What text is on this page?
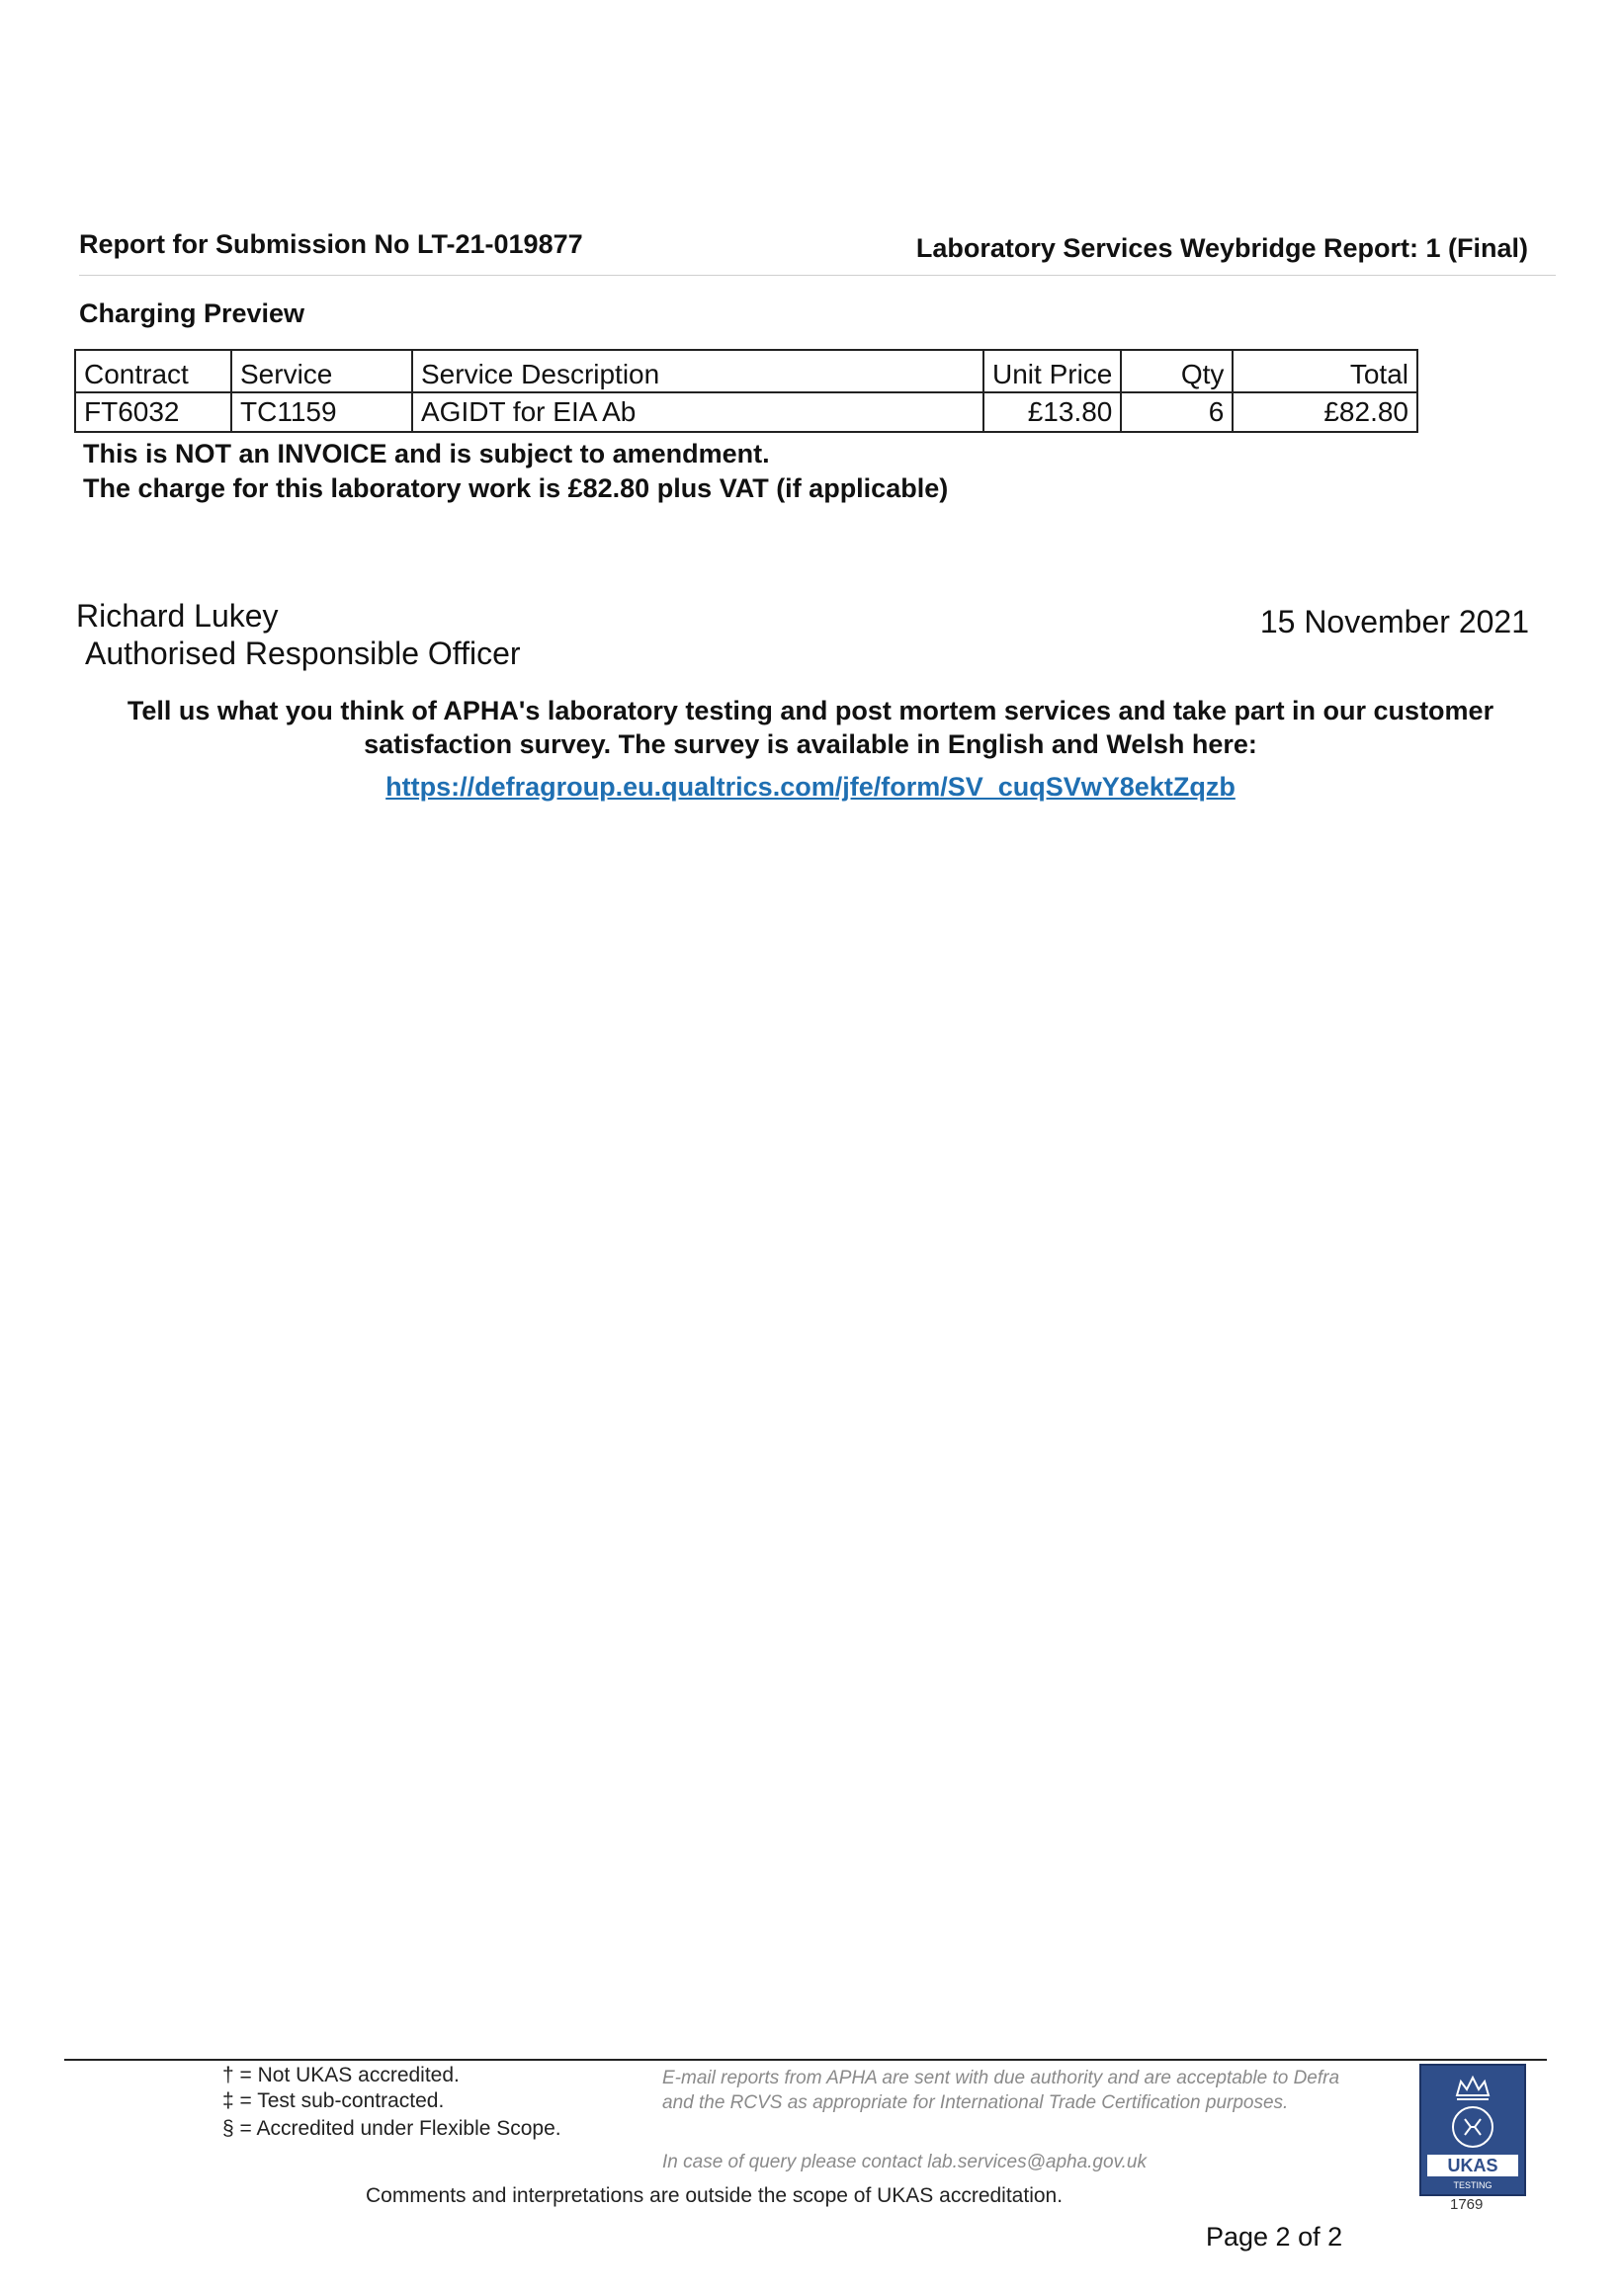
Report for Submission No LT-21-019877	Laboratory Services Weybridge Report: 1 (Final)
Charging Preview
Contract	Service	Service Description	Unit Price	Qty	Total
FT6032	TC1159	AGIDT for EIA Ab	£13.80	6	£82.80
This is NOT an INVOICE and is subject to amendment.
The charge for this laboratory work is £82.80 plus VAT (if applicable)
Richard Lukey
Authorised Responsible Officer
15 November 2021
Tell us what you think of APHA's laboratory testing and post mortem services and take part in our customer satisfaction survey. The survey is available in English and Welsh here:
https://defragroup.eu.qualtrics.com/jfe/form/SV_cuqSVwY8ektZqzb
† = Not UKAS accredited.
‡ = Test sub-contracted.
§ = Accredited under Flexible Scope.
E-mail reports from APHA are sent with due authority and are acceptable to Defra and the RCVS as appropriate for International Trade Certification purposes.
In case of query please contact lab.services@apha.gov.uk
Comments and interpretations are outside the scope of UKAS accreditation.
Page 2 of 2
UKAS
TESTING
1769
